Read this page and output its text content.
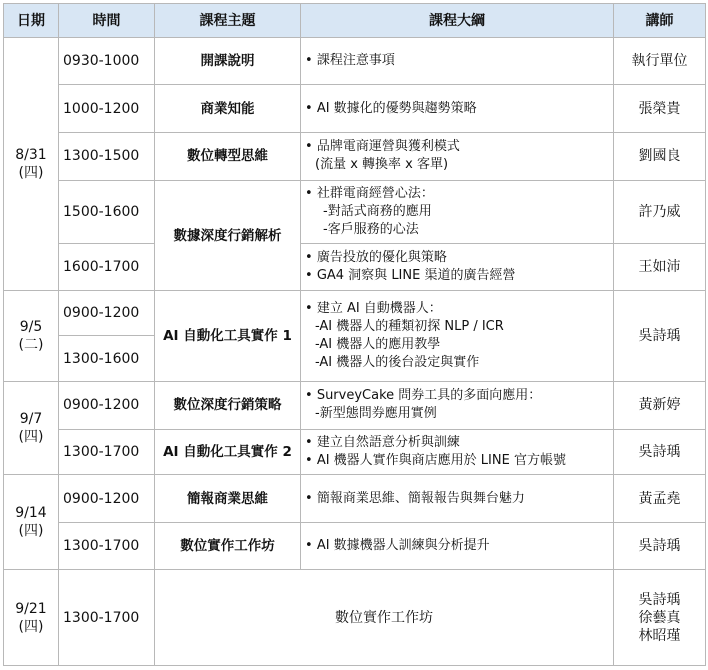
日期	時間	課程主題	課程大綱	講師

8/31
(四)	0930-1000	開課說明	• 課程注意事項	執行單位
	1000-1200	商業知能	• AI 數據化的優勢與趨勢策略	張榮貴
	1300-1500	數位轉型思維	• 品牌電商運營與獲利模式
(流量 x 轉換率 x 客單)	劉國良
	1500-1600	數據深度行銷解析	• 社群電商經營心法：
-對話式商務的應用
-客戶服務的心法	許乃威
	1600-1700		• 廣告投放的優化與策略
• GA4 洞察與 LINE 渠道的廣告經營	王如沛

9/5
(二)	0900-1200	AI 自動化工具實作 1	• 建立 AI 自動機器人：
-AI 機器人的種類初探 NLP / ICR
-AI 機器人的應用教學
-AI 機器人的後台設定與實作	吳詩瑀
	1300-1600			

9/7
(四)	0900-1200	數位深度行銷策略	• SurveyCake 問券工具的多面向應用：
-新型態問券應用實例	黃新婷
	1300-1700	AI 自動化工具實作 2	• 建立自然語意分析與訓練
• AI 機器人實作與商店應用於 LINE 官方帳號	吳詩瑀

9/14
(四)	0900-1200	簡報商業思維	• 簡報商業思維、簡報報告與舞台魅力	黃孟堯
	1300-1700	數位實作工作坊	• AI 數據機器人訓練與分析提升	吳詩瑀

9/21
(四)	1300-1700	數位實作工作坊		吳詩瑀
徐藝真
林昭瑾
